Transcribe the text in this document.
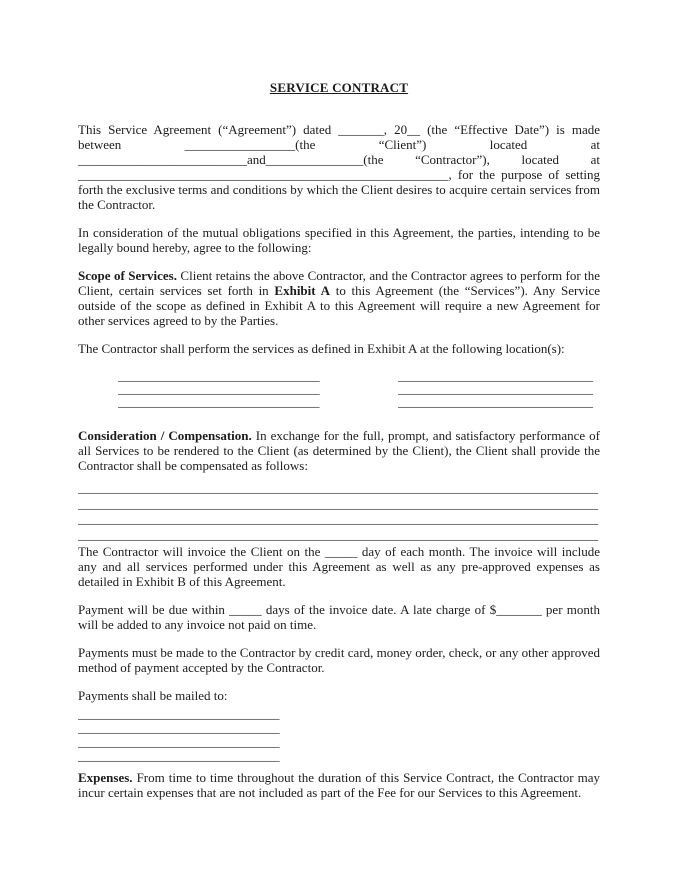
SERVICE CONTRACT

This Service Agreement (“Agreement”) dated _______, 20__ (the “Effective Date”) is made between _________________(the “Client”) located at __________________________and_______________(the “Contractor”), located at _________________________________________________________, for the purpose of setting forth the exclusive terms and conditions by which the Client desires to acquire certain services from the Contractor.

In consideration of the mutual obligations specified in this Agreement, the parties, intending to be legally bound hereby, agree to the following:

Scope of Services. Client retains the above Contractor, and the Contractor agrees to perform for the Client, certain services set forth in Exhibit A to this Agreement (the “Services”). Any Service outside of the scope as defined in Exhibit A to this Agreement will require a new Agreement for other services agreed to by the Parties.

The Contractor shall perform the services as defined in Exhibit A at the following location(s):

_______________________________
_______________________________
_______________________________
______________________________
______________________________
______________________________

Consideration / Compensation. In exchange for the full, prompt, and satisfactory performance of all Services to be rendered to the Client (as determined by the Client), the Client shall provide the Contractor shall be compensated as follows:

________________________________________________________________________________
________________________________________________________________________________
________________________________________________________________________________
________________________________________________________________________________

The Contractor will invoice the Client on the _____ day of each month. The invoice will include any and all services performed under this Agreement as well as any pre-approved expenses as detailed in Exhibit B of this Agreement.

Payment will be due within _____ days of the invoice date. A late charge of $_______ per month will be added to any invoice not paid on time.

Payments must be made to the Contractor by credit card, money order, check, or any other approved method of payment accepted by the Contractor.

Payments shall be mailed to:

_______________________________
_______________________________
_______________________________
_______________________________

Expenses. From time to time throughout the duration of this Service Contract, the Contractor may incur certain expenses that are not included as part of the Fee for our Services to this Agreement.
